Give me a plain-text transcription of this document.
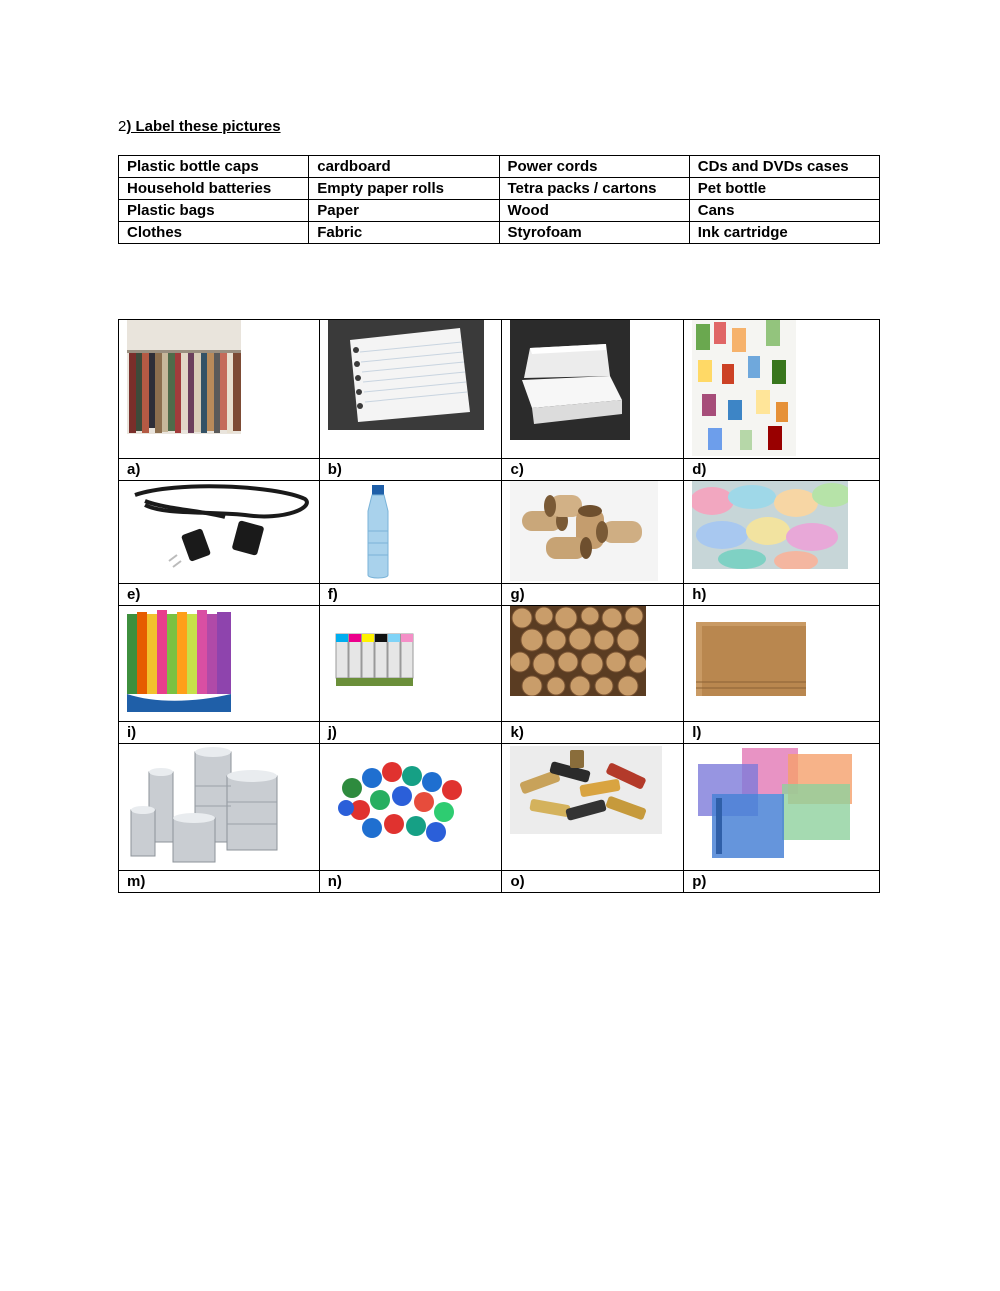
2) Label these pictures
Plastic bottle caps	cardboard	Power cords	CDs and DVDs cases
Household batteries	Empty paper rolls	Tetra packs / cartons	Pet bottle
Plastic bags	Paper	Wood	Cans
Clothes	Fabric	Styrofoam	Ink cartridge

a)	b)	c)	d)

e)	f)	g)	h)

i)	j)	k)	l)

m)	n)	o)	p)
